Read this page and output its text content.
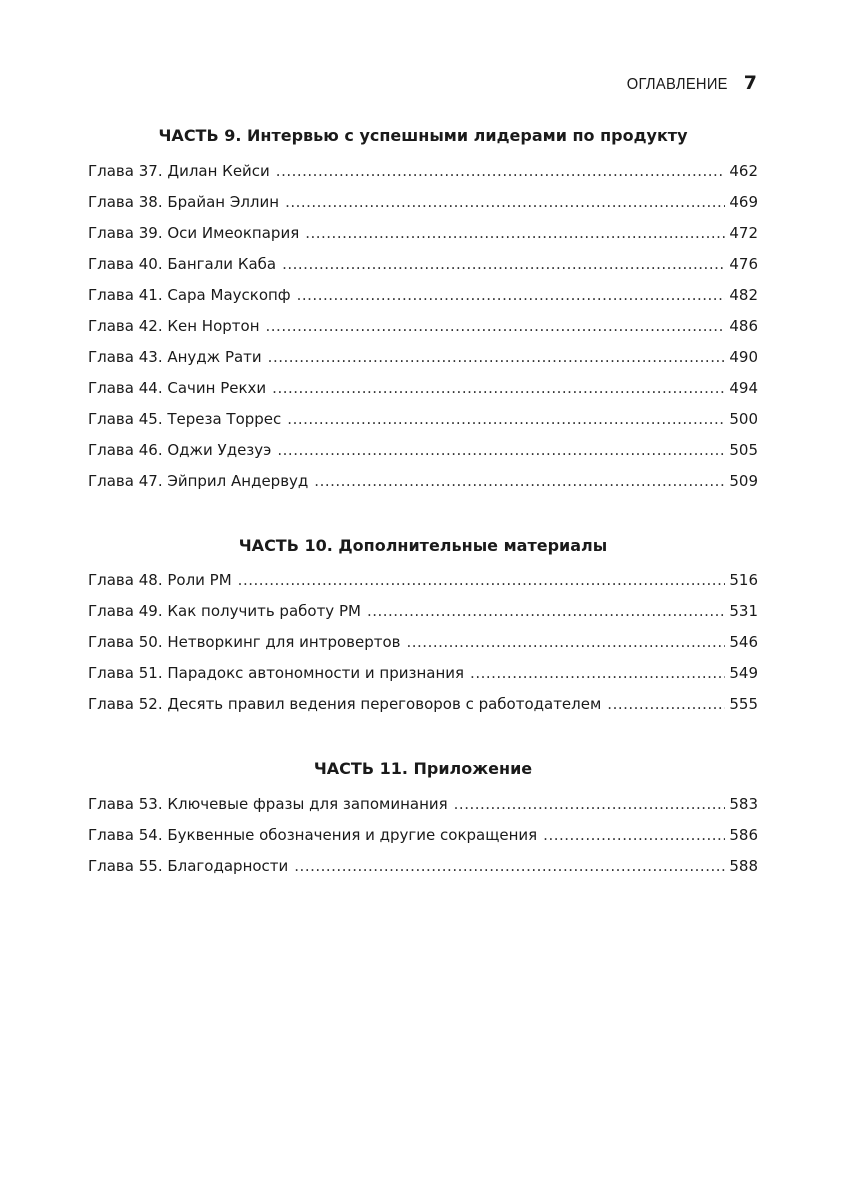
ОГЛАВЛЕНИЕ 7
ЧАСТЬ 9. Интервью с успешными лидерами по продукту
Глава 37. Дилан Кейси .....	462
Глава 38. Брайан Эллин .....	469
Глава 39. Оси Имеокпария .....	472
Глава 40. Бангали Каба .....	476
Глава 41. Сара Маускопф .....	482
Глава 42. Кен Нортон .....	486
Глава 43. Анудж Рати .....	490
Глава 44. Сачин Рекхи .....	494
Глава 45. Тереза Торрес .....	500
Глава 46. Оджи Удезуэ .....	505
Глава 47. Эйприл Андервуд .....	509
ЧАСТЬ 10. Дополнительные материалы
Глава 48. Роли PM .....	516
Глава 49. Как получить работу PM .....	531
Глава 50. Нетворкинг для интровертов .....	546
Глава 51. Парадокс автономности и признания .....	549
Глава 52. Десять правил ведения переговоров с работодателем .....	555
ЧАСТЬ 11. Приложение
Глава 53. Ключевые фразы для запоминания .....	583
Глава 54. Буквенные обозначения и другие сокращения .....	586
Глава 55. Благодарности .....	588
